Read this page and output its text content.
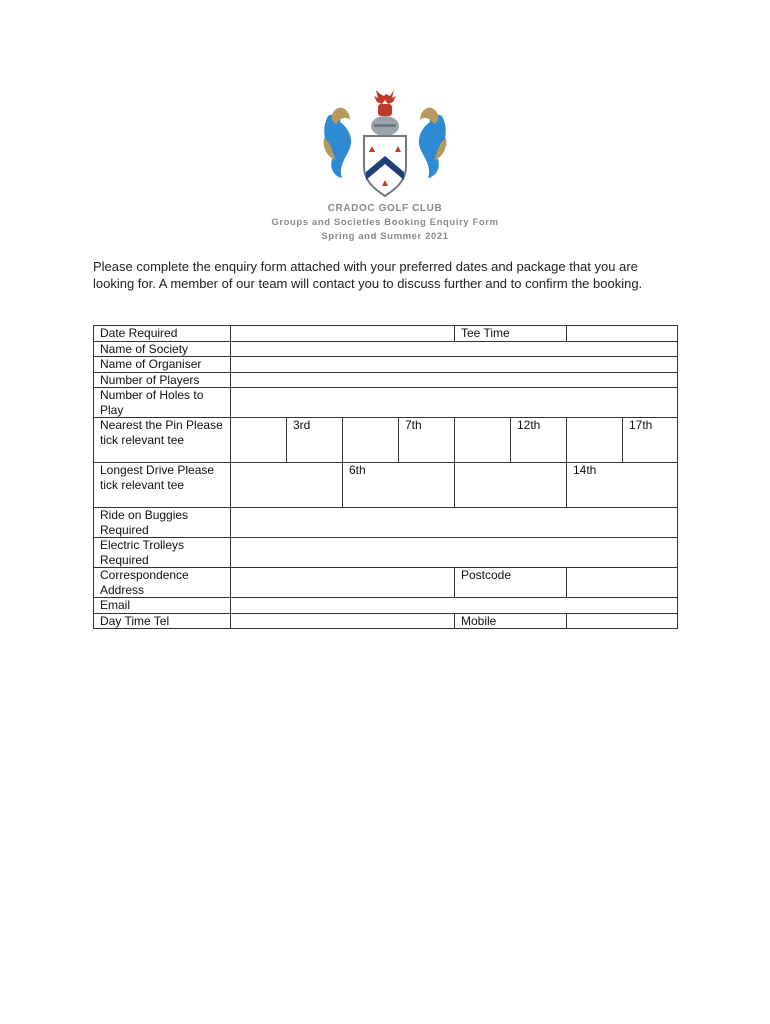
CRADOC GOLF CLUB
Groups and Societies Booking Enquiry Form
Spring and Summer 2021
Please complete the enquiry form attached with your preferred dates and package that you are looking for. A member of our team will contact you to discuss further and to confirm the booking.
Date Required					Tee Time			
Name of Society								
Name of Organiser								
Number of Players								
Number of Holes to Play								
Nearest the Pin Please tick relevant tee		3rd		7th		12th		17th
Longest Drive Please tick relevant tee			6th				14th	
Ride on Buggies Required								
Electric Trolleys Required								
Correspondence Address					Postcode			
Email								
Day Time Tel					Mobile			
